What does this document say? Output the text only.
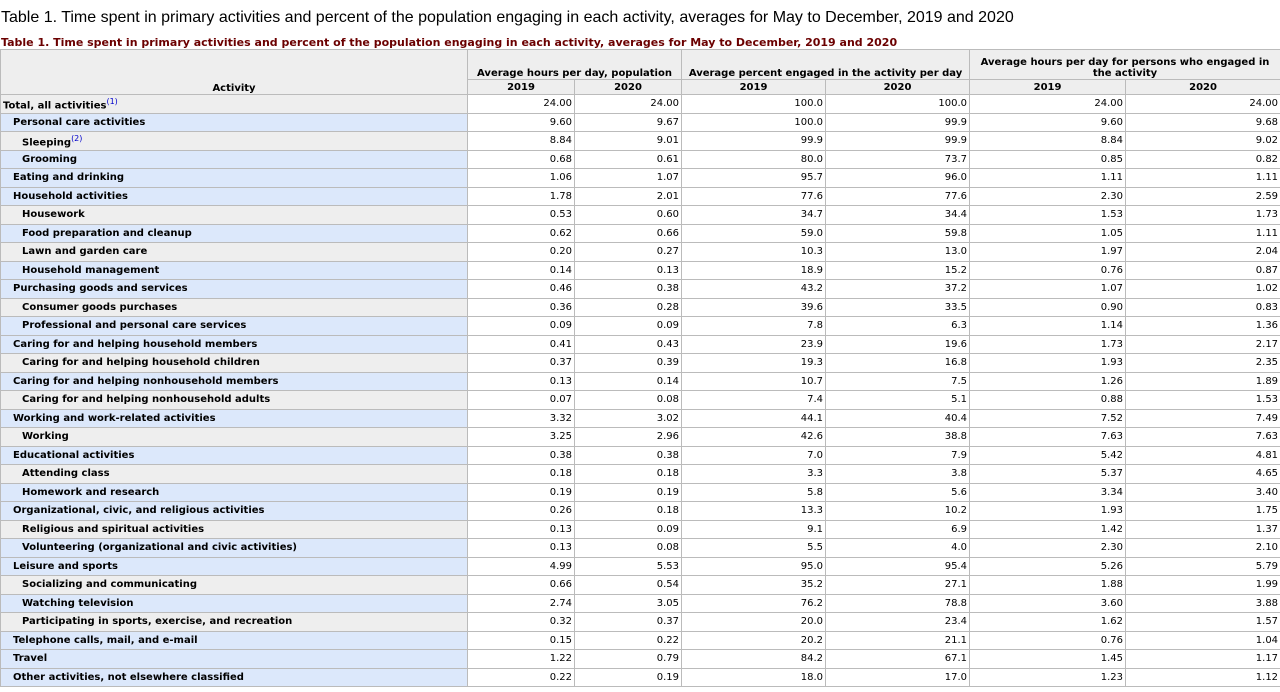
Table 1. Time spent in primary activities and percent of the population engaging in each activity, averages for May to December, 2019 and 2020
Table 1. Time spent in primary activities and percent of the population engaging in each activity, averages for May to December, 2019 and 2020
Activity	Average hours per day, population		Average percent engaged in the activity per day		Average hours per day for persons who engaged in the activity	
	2019	2020	2019	2020	2019	2020
Total, all activities$^{(1)}$	24.00	24.00	100.0	100.0	24.00	24.00
Personal care activities	9.60	9.67	100.0	99.9	9.60	9.68
Sleeping$^{(2)}$	8.84	9.01	99.9	99.9	8.84	9.02
Grooming	0.68	0.61	80.0	73.7	0.85	0.82
Eating and drinking	1.06	1.07	95.7	96.0	1.11	1.11
Household activities	1.78	2.01	77.6	77.6	2.30	2.59
Housework	0.53	0.60	34.7	34.4	1.53	1.73
Food preparation and cleanup	0.62	0.66	59.0	59.8	1.05	1.11
Lawn and garden care	0.20	0.27	10.3	13.0	1.97	2.04
Household management	0.14	0.13	18.9	15.2	0.76	0.87
Purchasing goods and services	0.46	0.38	43.2	37.2	1.07	1.02
Consumer goods purchases	0.36	0.28	39.6	33.5	0.90	0.83
Professional and personal care services	0.09	0.09	7.8	6.3	1.14	1.36
Caring for and helping household members	0.41	0.43	23.9	19.6	1.73	2.17
Caring for and helping household children	0.37	0.39	19.3	16.8	1.93	2.35
Caring for and helping nonhousehold members	0.13	0.14	10.7	7.5	1.26	1.89
Caring for and helping nonhousehold adults	0.07	0.08	7.4	5.1	0.88	1.53
Working and work-related activities	3.32	3.02	44.1	40.4	7.52	7.49
Working	3.25	2.96	42.6	38.8	7.63	7.63
Educational activities	0.38	0.38	7.0	7.9	5.42	4.81
Attending class	0.18	0.18	3.3	3.8	5.37	4.65
Homework and research	0.19	0.19	5.8	5.6	3.34	3.40
Organizational, civic, and religious activities	0.26	0.18	13.3	10.2	1.93	1.75
Religious and spiritual activities	0.13	0.09	9.1	6.9	1.42	1.37
Volunteering (organizational and civic activities)	0.13	0.08	5.5	4.0	2.30	2.10
Leisure and sports	4.99	5.53	95.0	95.4	5.26	5.79
Socializing and communicating	0.66	0.54	35.2	27.1	1.88	1.99
Watching television	2.74	3.05	76.2	78.8	3.60	3.88
Participating in sports, exercise, and recreation	0.32	0.37	20.0	23.4	1.62	1.57
Telephone calls, mail, and e-mail	0.15	0.22	20.2	21.1	0.76	1.04
Travel	1.22	0.79	84.2	67.1	1.45	1.17
Other activities, not elsewhere classified	0.22	0.19	18.0	17.0	1.23	1.12
